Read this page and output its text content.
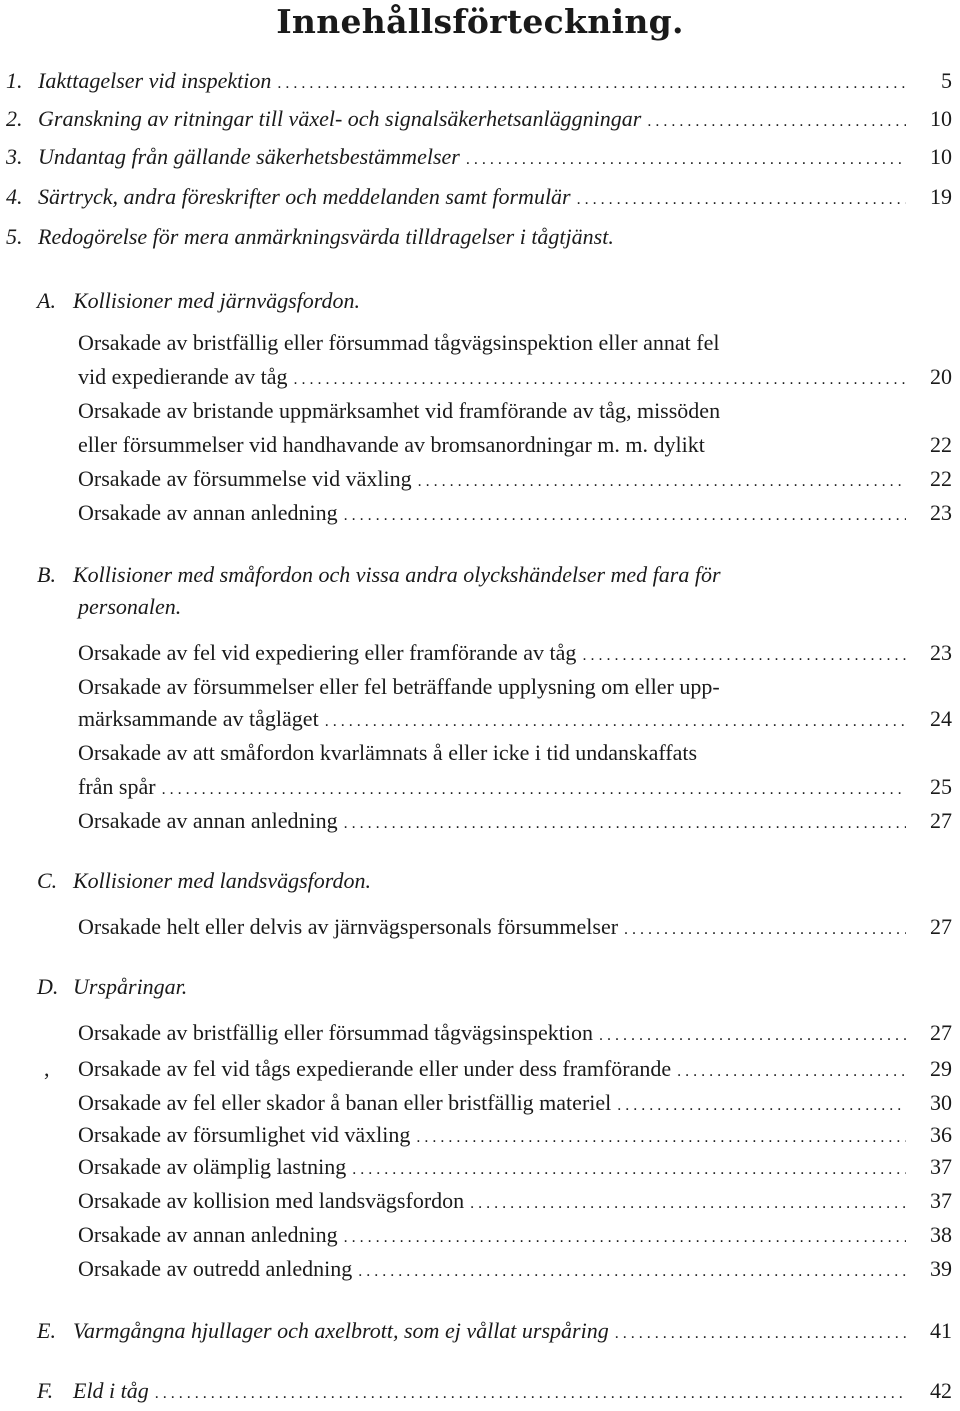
Innehållsförteckning.
1. Iakttagelser vid inspektion . . .	5
2. Granskning av ritningar till växel- och signalsäkerhetsanläggningar . . .	10
3. Undantag från gällande säkerhetsbestämmelser . . .	10
4. Särtryck, andra föreskrifter och meddelanden samt formulär . . .	19
5. Redogörelse för mera anmärkningsvärda tilldragelser i tågtjänst.
A. Kollisioner med järnvägsfordon.
Orsakade av bristfällig eller försummad tågvägsinspektion eller annat fel
vid expedierande av tåg . . .	20
Orsakade av bristande uppmärksamhet vid framförande av tåg, missöden
eller försummelser vid handhavande av bromsanordningar m. m. dylikt	22
Orsakade av försummelse vid växling . . .	22
Orsakade av annan anledning . . .	23
B. Kollisioner med småfordon och vissa andra olyckshändelser med fara för
personalen.
Orsakade av fel vid expediering eller framförande av tåg . . .	23
Orsakade av försummelser eller fel beträffande upplysning om eller upp-
märksammande av tågläget . . .	24
Orsakade av att småfordon kvarlämnats å eller icke i tid undanskaffats
från spår . . .	25
Orsakade av annan anledning . . .	27
C. Kollisioner med landsvägsfordon.
Orsakade helt eller delvis av järnvägspersonals försummelser . . .	27
D. Urspåringar.
Orsakade av bristfällig eller försummad tågvägsinspektion . . .	27
, Orsakade av fel vid tågs expedierande eller under dess framförande . . .	29
Orsakade av fel eller skador å banan eller bristfällig materiel . . .	30
Orsakade av försumlighet vid växling . . .	36
Orsakade av olämplig lastning . . .	37
Orsakade av kollision med landsvägsfordon . . .	37
Orsakade av annan anledning . . .	38
Orsakade av outredd anledning . . .	39
E. Varmgångna hjullager och axelbrott, som ej vållat urspåring . . .	41
F. Eld i tåg . . .	42
